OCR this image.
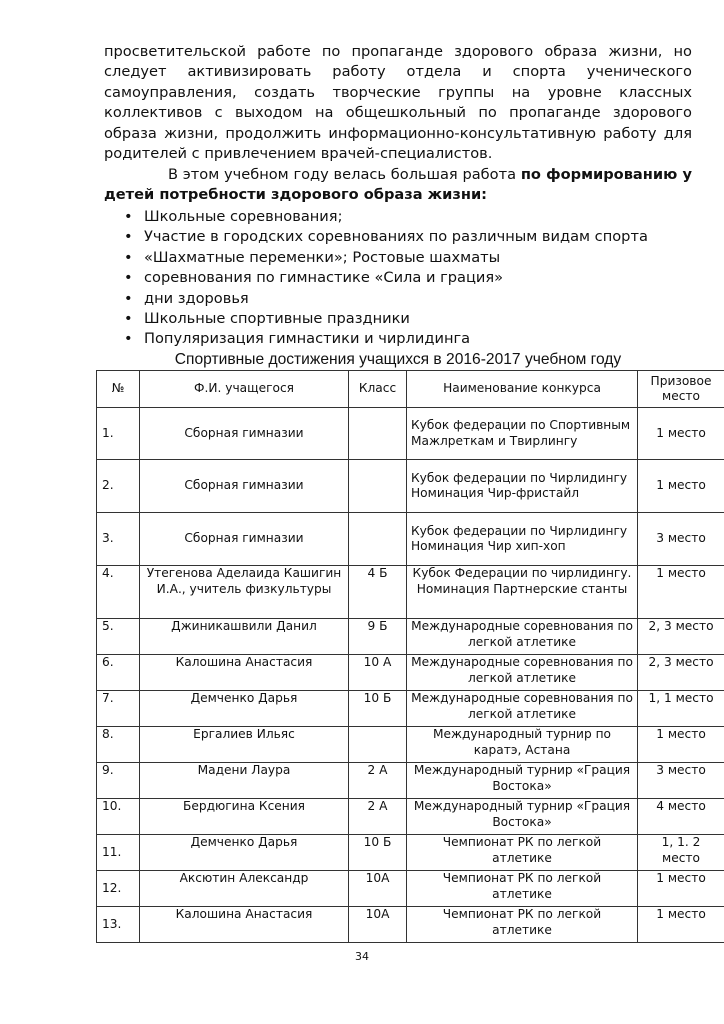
просветительской работе по пропаганде здорового образа жизни, но следует активизировать работу отдела и спорта ученического самоуправления, создать творческие группы на уровне классных коллективов с выходом на общешкольный по пропаганде здорового образа жизни, продолжить информационно-консультативную работу для родителей с привлечением врачей-специалистов.

В этом учебном году велась большая работа по формированию у детей потребности здорового образа жизни:

• Школьные соревнования;
• Участие в городских соревнованиях по различным видам спорта
• «Шахматные переменки»; Ростовые шахматы
• соревнования по гимнастике «Сила и грация»
• дни здоровья
• Школьные спортивные праздники
• Популяризация гимнастики и чирлидинга

Спортивные достижения учащихся в 2016-2017 учебном году

№	Ф.И. учащегося	Класс	Наименование конкурса	Призовое место
1.	Сборная гимназии		Кубок федерации по Спортивным Мажлреткам и Твирлингу	1 место
2.	Сборная гимназии		Кубок федерации по Чирлидингу Номинация Чир-фристайл	1 место
3.	Сборная гимназии		Кубок федерации по Чирлидингу Номинация Чир хип-хоп	3 место
4.	Утегенова Аделаида Кашигин И.А., учитель физкультуры	4 Б	Кубок Федерации по чирлидингу. Номинация Партнерские станты	1 место
5.	Джиникашвили Данил	9 Б	Международные соревнования по легкой атлетике	2, 3 место
6.	Калошина Анастасия	10 А	Международные соревнования по легкой атлетике	2, 3 место
7.	Демченко Дарья	10 Б	Международные соревнования по легкой атлетике	1, 1 место
8.	Ергалиев Ильяс		Международный турнир по каратэ, Астана	1 место
9.	Мадени Лаура	2 А	Международный турнир «Грация Востока»	3 место
10.	Бердюгина Ксения	2 А	Международный турнир «Грация Востока»	4 место
11.	Демченко Дарья	10 Б	Чемпионат РК по легкой атлетике	1, 1. 2 место
12.	Аксютин Александр	10А	Чемпионат РК по легкой атлетике	1 место
13.	Калошина Анастасия	10А	Чемпионат РК по легкой атлетике	1 место
34
